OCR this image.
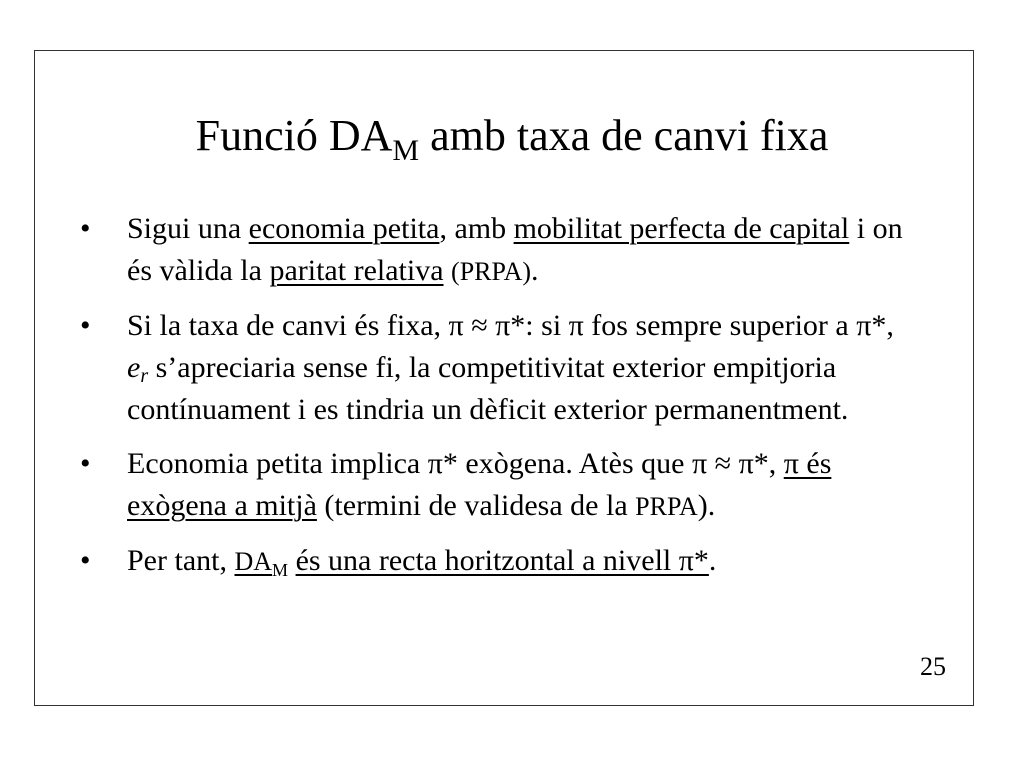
Funció $DA_M$ amb taxa de canvi fixa
•	Sigui una economia petita, amb mobilitat perfecta de capital i on és vàlida la paritat relativa (PRPA).
•	Si la taxa de canvi és fixa, π ≈ π*: si π fos sempre superior a π*, er s’apreciaria sense fi, la competitivitat exterior empitjoria contínuament i es tindria un dèficit exterior permanentment.
•	Economia petita implica π* exògena. Atès que π ≈ π*, π és exògena a mitjà (termini de validesa de la PRPA).
•	Per tant, $DA_M$ és una recta horitzontal a nivell π*.
25
